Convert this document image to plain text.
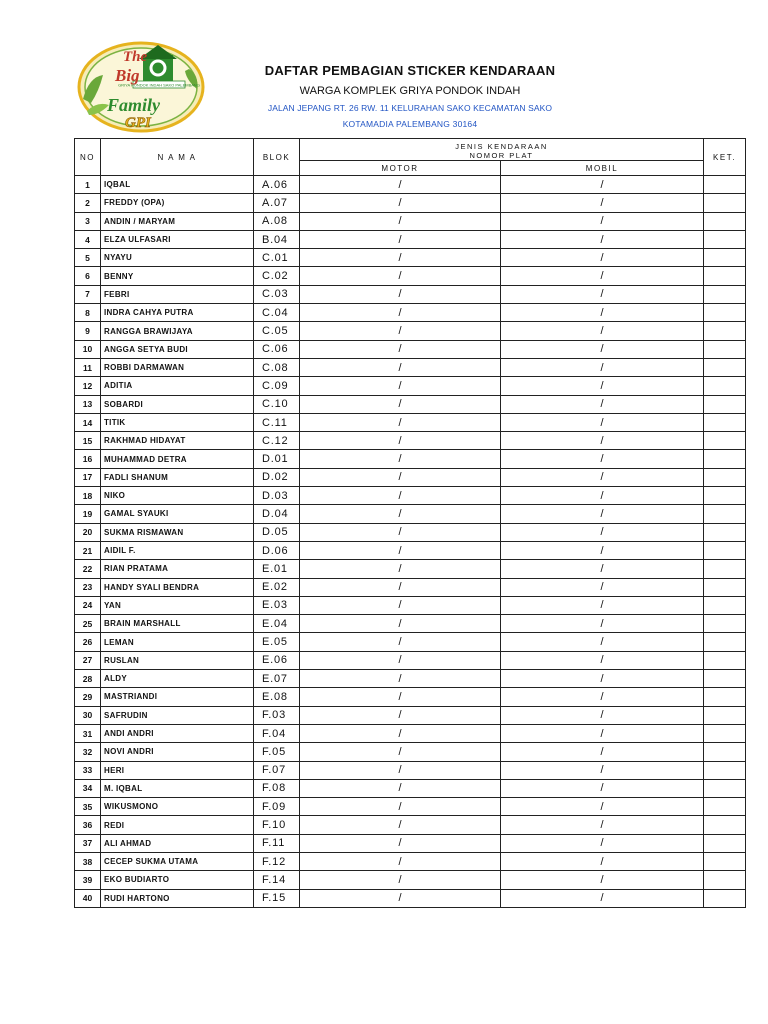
GRIYA PONDOK INDAH SAKO PALEMBANG
The
Big
Family
GPI
DAFTAR PEMBAGIAN STICKER KENDARAAN
WARGA KOMPLEK GRIYA PONDOK INDAH
JALAN JEPANG RT. 26 RW. 11 KELURAHAN SAKO KECAMATAN SAKO
KOTAMADIA PALEMBANG 30164
NO	N A M A	BLOK	JENIS KENDARAAN
NOMOR PLAT		KET.
			MOTOR	MOBIL	
1	IQBAL	A.06	/	/	
2	FREDDY (OPA)	A.07	/	/	
3	ANDIN / MARYAM	A.08	/	/	
4	ELZA ULFASARI	B.04	/	/	
5	NYAYU	C.01	/	/	
6	BENNY	C.02	/	/	
7	FEBRI	C.03	/	/	
8	INDRA CAHYA PUTRA	C.04	/	/	
9	RANGGA BRAWIJAYA	C.05	/	/	
10	ANGGA SETYA BUDI	C.06	/	/	
11	ROBBI DARMAWAN	C.08	/	/	
12	ADITIA	C.09	/	/	
13	SOBARDI	C.10	/	/	
14	TITIK	C.11	/	/	
15	RAKHMAD HIDAYAT	C.12	/	/	
16	MUHAMMAD DETRA	D.01	/	/	
17	FADLI SHANUM	D.02	/	/	
18	NIKO	D.03	/	/	
19	GAMAL SYAUKI	D.04	/	/	
20	SUKMA RISMAWAN	D.05	/	/	
21	AIDIL F.	D.06	/	/	
22	RIAN PRATAMA	E.01	/	/	
23	HANDY SYALI BENDRA	E.02	/	/	
24	YAN	E.03	/	/	
25	BRAIN MARSHALL	E.04	/	/	
26	LEMAN	E.05	/	/	
27	RUSLAN	E.06	/	/	
28	ALDY	E.07	/	/	
29	MASTRIANDI	E.08	/	/	
30	SAFRUDIN	F.03	/	/	
31	ANDI ANDRI	F.04	/	/	
32	NOVI ANDRI	F.05	/	/	
33	HERI	F.07	/	/	
34	M. IQBAL	F.08	/	/	
35	WIKUSMONO	F.09	/	/	
36	REDI	F.10	/	/	
37	ALI AHMAD	F.11	/	/	
38	CECEP SUKMA UTAMA	F.12	/	/	
39	EKO BUDIARTO	F.14	/	/	
40	RUDI HARTONO	F.15	/	/	
